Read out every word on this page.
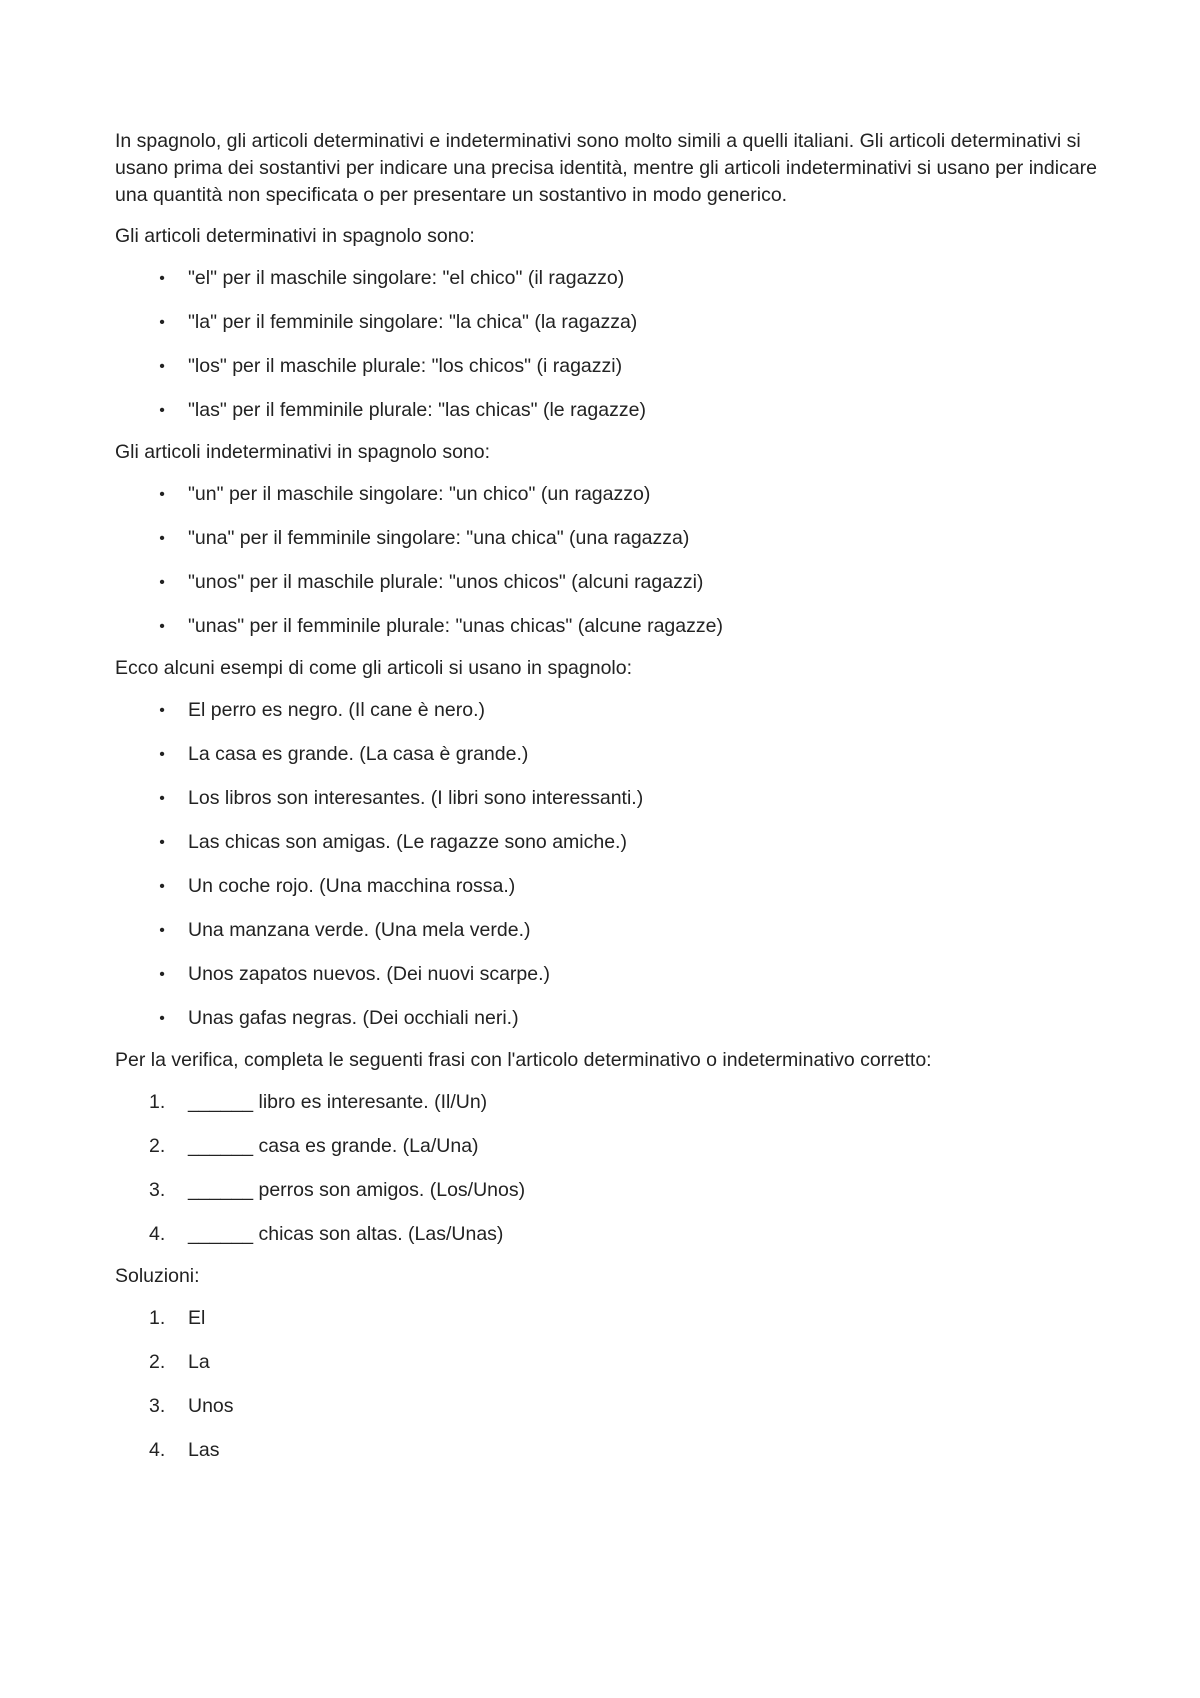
In spagnolo, gli articoli determinativi e indeterminativi sono molto simili a quelli italiani. Gli articoli determinativi si usano prima dei sostantivi per indicare una precisa identità, mentre gli articoli indeterminativi si usano per indicare una quantità non specificata o per presentare un sostantivo in modo generico.

Gli articoli determinativi in spagnolo sono:

•	"el" per il maschile singolare: "el chico" (il ragazzo)
•	"la" per il femminile singolare: "la chica" (la ragazza)
•	"los" per il maschile plurale: "los chicos" (i ragazzi)
•	"las" per il femminile plurale: "las chicas" (le ragazze)

Gli articoli indeterminativi in spagnolo sono:

•	"un" per il maschile singolare: "un chico" (un ragazzo)
•	"una" per il femminile singolare: "una chica" (una ragazza)
•	"unos" per il maschile plurale: "unos chicos" (alcuni ragazzi)
•	"unas" per il femminile plurale: "unas chicas" (alcune ragazze)

Ecco alcuni esempi di come gli articoli si usano in spagnolo:

•	El perro es negro. (Il cane è nero.)
•	La casa es grande. (La casa è grande.)
•	Los libros son interesantes. (I libri sono interessanti.)
•	Las chicas son amigas. (Le ragazze sono amiche.)
•	Un coche rojo. (Una macchina rossa.)
•	Una manzana verde. (Una mela verde.)
•	Unos zapatos nuevos. (Dei nuovi scarpe.)
•	Unas gafas negras. (Dei occhiali neri.)

Per la verifica, completa le seguenti frasi con l'articolo determinativo o indeterminativo corretto:

1.	______ libro es interesante. (Il/Un)
2.	______ casa es grande. (La/Una)
3.	______ perros son amigos. (Los/Unos)
4.	______ chicas son altas. (Las/Unas)

Soluzioni:

1.	El
2.	La
3.	Unos
4.	Las
